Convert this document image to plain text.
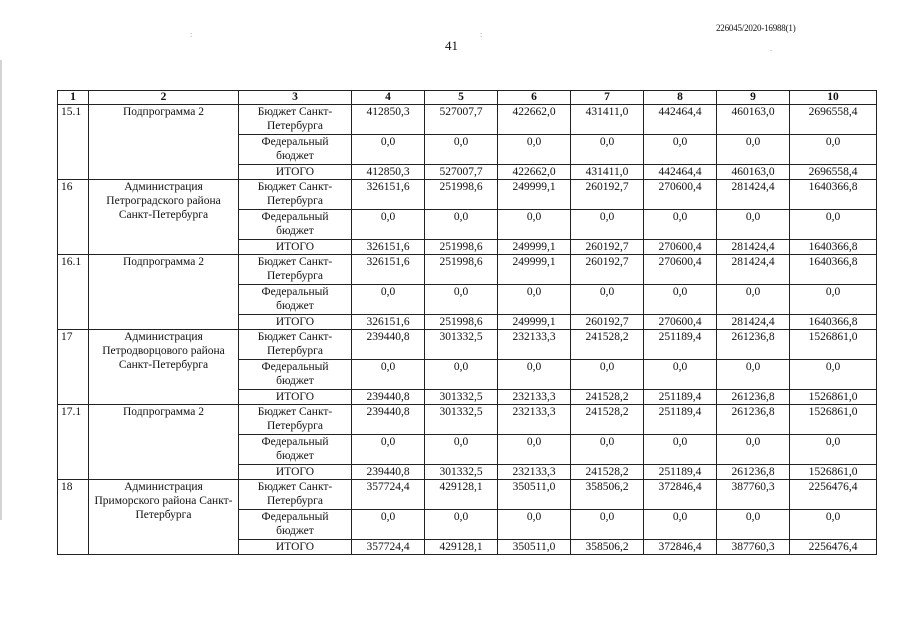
:	:
.
226045/2020-16988(1)
41
1	2	3	4	5	6	7	8	9	10
15.1	Подпрограмма 2	Бюджет Санкт-Петербурга	412850,3	527007,7	422662,0	431411,0	442464,4	460163,0	2696558,4
		Федеральный бюджет	0,0	0,0	0,0	0,0	0,0	0,0	0,0
		ИТОГО	412850,3	527007,7	422662,0	431411,0	442464,4	460163,0	2696558,4
16	Администрация Петроградского района Санкт-Петербурга	Бюджет Санкт-Петербурга	326151,6	251998,6	249999,1	260192,7	270600,4	281424,4	1640366,8
		Федеральный бюджет	0,0	0,0	0,0	0,0	0,0	0,0	0,0
		ИТОГО	326151,6	251998,6	249999,1	260192,7	270600,4	281424,4	1640366,8
16.1	Подпрограмма 2	Бюджет Санкт-Петербурга	326151,6	251998,6	249999,1	260192,7	270600,4	281424,4	1640366,8
		Федеральный бюджет	0,0	0,0	0,0	0,0	0,0	0,0	0,0
		ИТОГО	326151,6	251998,6	249999,1	260192,7	270600,4	281424,4	1640366,8
17	Администрация Петродворцового района Санкт-Петербурга	Бюджет Санкт-Петербурга	239440,8	301332,5	232133,3	241528,2	251189,4	261236,8	1526861,0
		Федеральный бюджет	0,0	0,0	0,0	0,0	0,0	0,0	0,0
		ИТОГО	239440,8	301332,5	232133,3	241528,2	251189,4	261236,8	1526861,0
17.1	Подпрограмма 2	Бюджет Санкт-Петербурга	239440,8	301332,5	232133,3	241528,2	251189,4	261236,8	1526861,0
		Федеральный бюджет	0,0	0,0	0,0	0,0	0,0	0,0	0,0
		ИТОГО	239440,8	301332,5	232133,3	241528,2	251189,4	261236,8	1526861,0
18	Администрация Приморского района Санкт-Петербурга	Бюджет Санкт-Петербурга	357724,4	429128,1	350511,0	358506,2	372846,4	387760,3	2256476,4
		Федеральный бюджет	0,0	0,0	0,0	0,0	0,0	0,0	0,0
		ИТОГО	357724,4	429128,1	350511,0	358506,2	372846,4	387760,3	2256476,4
